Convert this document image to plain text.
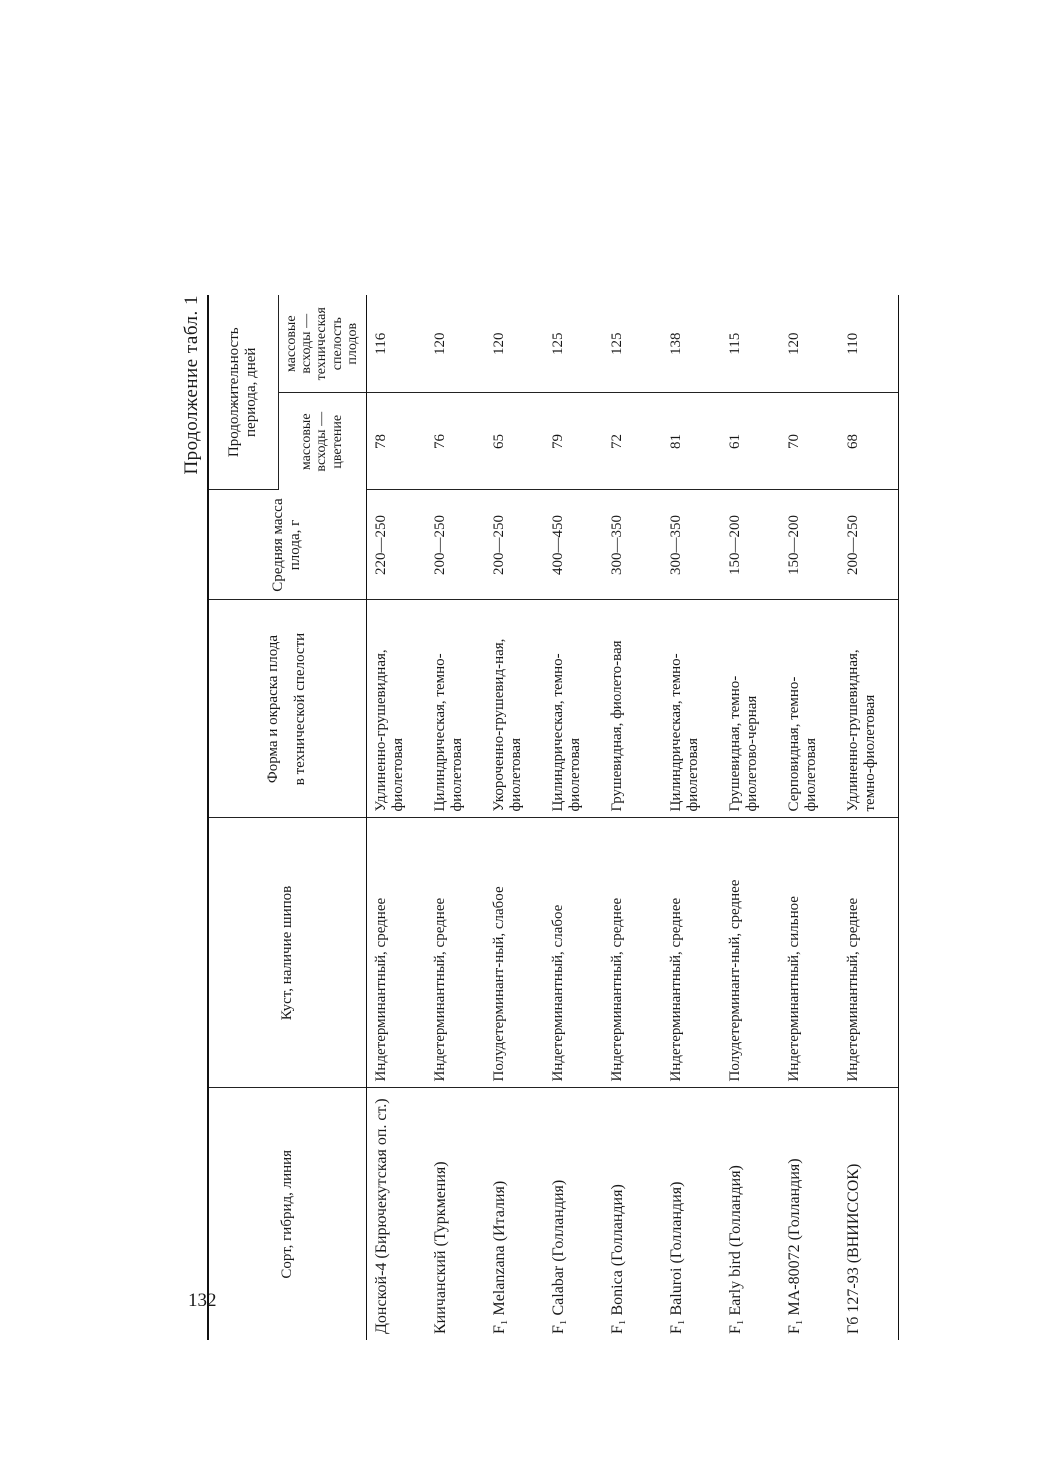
132
Продолжение табл. 1
Сорт, гибрид, линия	Куст, наличие шипов	Форма и окраска плода в технической спелости	Средняя масса плода, г	Продолжительность периода, дней	
				массовые всходы — цветение	массовые всходы — техническая спелость плодов
Донской-4 (Бирючекутская оп. ст.)	Индетерминантный, среднее	Удлиненно-грушевидная, фиолетовая	220—250	78	116
Киичанский (Туркмения)	Индетерминантный, среднее	Цилиндрическая, темно-фиолетовая	200—250	76	120
F₁ Melanzana (Италия)	Полудетерминант-ный, слабое	Укороченно-грушевид-ная, фиолетовая	200—250	65	120
F₁ Calabar (Голландия)	Индетерминантный, слабое	Цилиндрическая, темно-фиолетовая	400—450	79	125
F₁ Bonica (Голландия)	Индетерминантный, среднее	Грушевидная, фиолето-вая	300—350	72	125
F₁ Baluroi (Голландия)	Индетерминантный, среднее	Цилиндрическая, темно-фиолетовая	300—350	81	138
F₁ Early bird (Голландия)	Полудетерминант-ный, среднее	Грушевидная, темно-фиолетово-черная	150—200	61	115
F₁ MA-80072 (Голландия)	Индетерминантный, сильное	Серповидная, темно-фиолетовая	150—200	70	120
Гб 127-93 (ВНИИССОК)	Индетерминантный, среднее	Удлиненно-грушевидная, темно-фиолетовая	200—250	68	110
